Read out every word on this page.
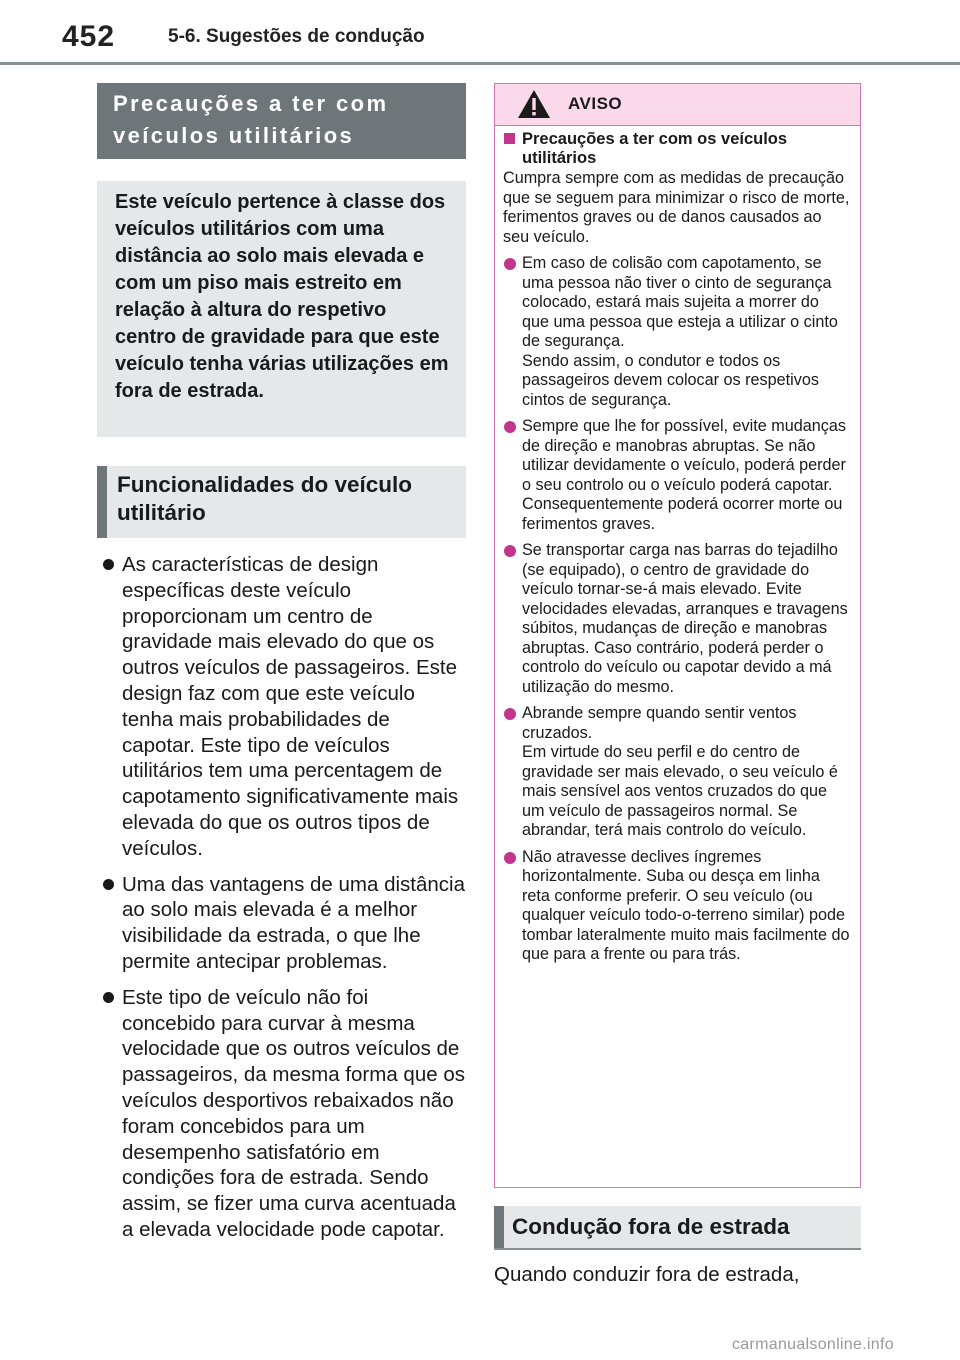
452	5-6. Sugestões de condução
Precauções a ter com veículos utilitários
Este veículo pertence à classe dos veículos utilitários com uma distância ao solo mais elevada e com um piso mais estreito em relação à altura do respetivo centro de gravidade para que este veículo tenha várias utilizações em fora de estrada.
Funcionalidades do veículo utilitário
As características de design específicas deste veículo proporcionam um centro de gravidade mais elevado do que os outros veículos de passageiros. Este design faz com que este veículo tenha mais probabilidades de capotar. Este tipo de veículos utilitários tem uma percentagem de capotamento significativamente mais elevada do que os outros tipos de veículos.
Uma das vantagens de uma distância ao solo mais elevada é a melhor visibilidade da estrada, o que lhe permite antecipar problemas.
Este tipo de veículo não foi concebido para curvar à mesma velocidade que os outros veículos de passageiros, da mesma forma que os veículos desportivos rebaixados não foram concebidos para um desempenho satisfatório em condições fora de estrada. Sendo assim, se fizer uma curva acentuada a elevada velocidade pode capotar.
AVISO
Precauções a ter com os veículos utilitários
Cumpra sempre com as medidas de precaução que se seguem para minimizar o risco de morte, ferimentos graves ou de danos causados ao seu veículo.
Em caso de colisão com capotamento, se uma pessoa não tiver o cinto de segurança colocado, estará mais sujeita a morrer do que uma pessoa que esteja a utilizar o cinto de segurança.
Sendo assim, o condutor e todos os passageiros devem colocar os respetivos cintos de segurança.
Sempre que lhe for possível, evite mudanças de direção e manobras abruptas. Se não utilizar devidamente o veículo, poderá perder o seu controlo ou o veículo poderá capotar. Consequentemente poderá ocorrer morte ou ferimentos graves.
Se transportar carga nas barras do tejadilho (se equipado), o centro de gravidade do veículo tornar-se-á mais elevado. Evite velocidades elevadas, arranques e travagens súbitos, mudanças de direção e manobras abruptas. Caso contrário, poderá perder o controlo do veículo ou capotar devido a má utilização do mesmo.
Abrande sempre quando sentir ventos cruzados.
Em virtude do seu perfil e do centro de gravidade ser mais elevado, o seu veículo é mais sensível aos ventos cruzados do que um veículo de passageiros normal. Se abrandar, terá mais controlo do veículo.
Não atravesse declives íngremes horizontalmente. Suba ou desça em linha reta conforme preferir. O seu veículo (ou qualquer veículo todo-o-terreno similar) pode tombar lateralmente muito mais facilmente do que para a frente ou para trás.
Condução fora de estrada
Quando conduzir fora de estrada,
carmanualsonline.info
